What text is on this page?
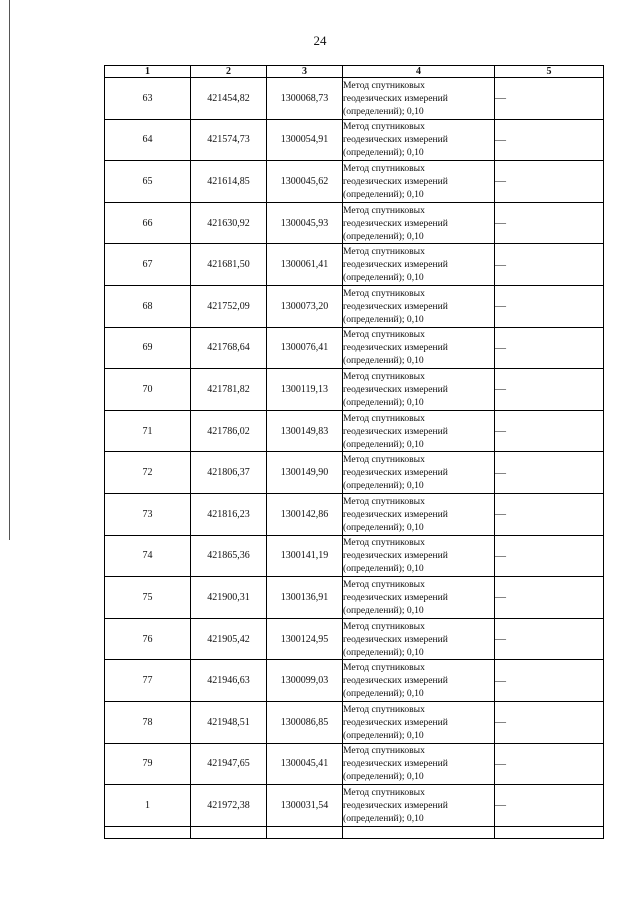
24
1	2	3	4	5
63	421454,82	1300068,73	Метод спутниковых
геодезических измерений
(определений); 0,10	—
64	421574,73	1300054,91	Метод спутниковых
геодезических измерений
(определений); 0,10	—
65	421614,85	1300045,62	Метод спутниковых
геодезических измерений
(определений); 0,10	—
66	421630,92	1300045,93	Метод спутниковых
геодезических измерений
(определений); 0,10	—
67	421681,50	1300061,41	Метод спутниковых
геодезических измерений
(определений); 0,10	—
68	421752,09	1300073,20	Метод спутниковых
геодезических измерений
(определений); 0,10	—
69	421768,64	1300076,41	Метод спутниковых
геодезических измерений
(определений); 0,10	—
70	421781,82	1300119,13	Метод спутниковых
геодезических измерений
(определений); 0,10	—
71	421786,02	1300149,83	Метод спутниковых
геодезических измерений
(определений); 0,10	—
72	421806,37	1300149,90	Метод спутниковых
геодезических измерений
(определений); 0,10	—
73	421816,23	1300142,86	Метод спутниковых
геодезических измерений
(определений); 0,10	—
74	421865,36	1300141,19	Метод спутниковых
геодезических измерений
(определений); 0,10	—
75	421900,31	1300136,91	Метод спутниковых
геодезических измерений
(определений); 0,10	—
76	421905,42	1300124,95	Метод спутниковых
геодезических измерений
(определений); 0,10	—
77	421946,63	1300099,03	Метод спутниковых
геодезических измерений
(определений); 0,10	—
78	421948,51	1300086,85	Метод спутниковых
геодезических измерений
(определений); 0,10	—
79	421947,65	1300045,41	Метод спутниковых
геодезических измерений
(определений); 0,10	—
1	421972,38	1300031,54	Метод спутниковых
геодезических измерений
(определений); 0,10	—
